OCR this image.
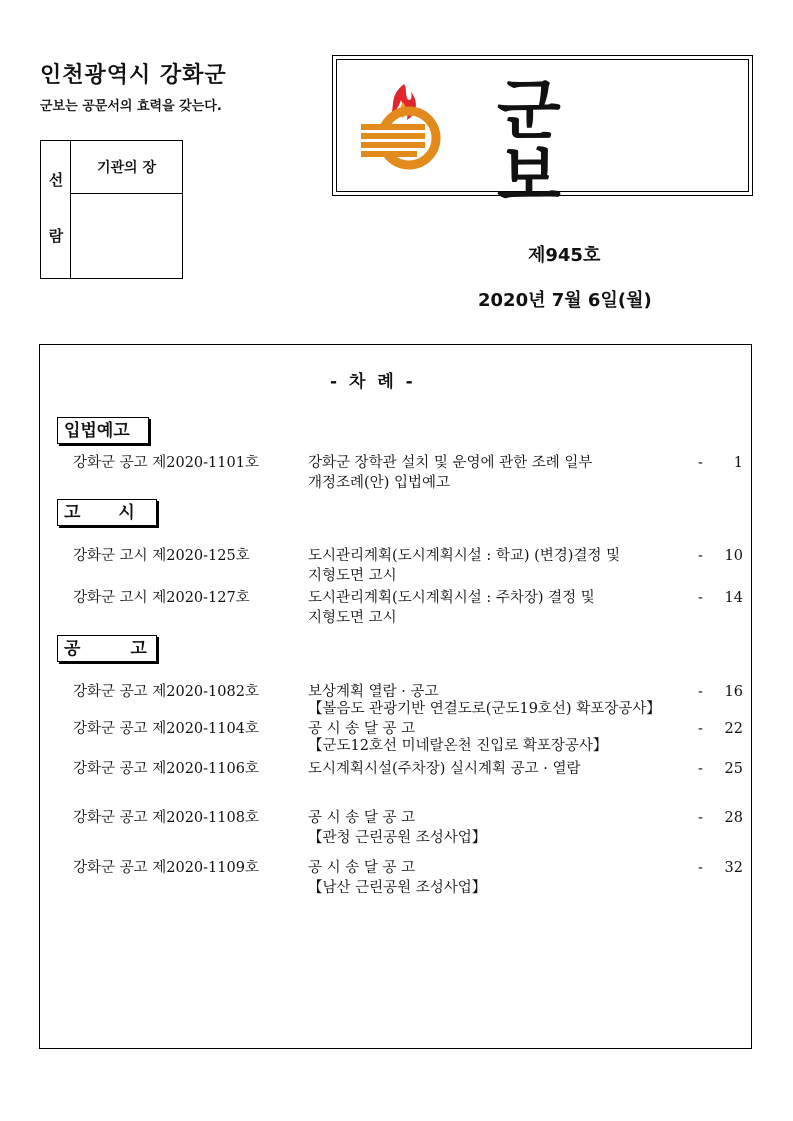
인천광역시 강화군
군보는 공문서의 효력을 갖는다.
선
람
기관의 장
군보
제945호
2020년 7월 6일(월)
- 차 례 -
입법예고
강화군 공고 제2020-1101호	강화군 장학관 설치 및 운영에 관한 조례 일부	- 1
개정조례(안) 입법예고
고 시
강화군 고시 제2020-125호	도시관리계획(도시계획시설 : 학교) (변경)결정 및	- 10
지형도면 고시
강화군 고시 제2020-127호	도시관리계획(도시계획시설 : 주차장) 결정 및	- 14
지형도면 고시
공 고
강화군 공고 제2020-1082호	보상계획 열람 · 공고	- 16
【볼음도 관광기반 연결도로(군도19호선) 확포장공사】
강화군 공고 제2020-1104호	공 시 송 달 공 고	- 22
【군도12호선 미네랄온천 진입로 확포장공사】
강화군 공고 제2020-1106호	도시계획시설(주차장) 실시계획 공고 · 열람	- 25
강화군 공고 제2020-1108호	공 시 송 달 공 고	- 28
【관청 근린공원 조성사업】
강화군 공고 제2020-1109호	공 시 송 달 공 고	- 32
【남산 근린공원 조성사업】
